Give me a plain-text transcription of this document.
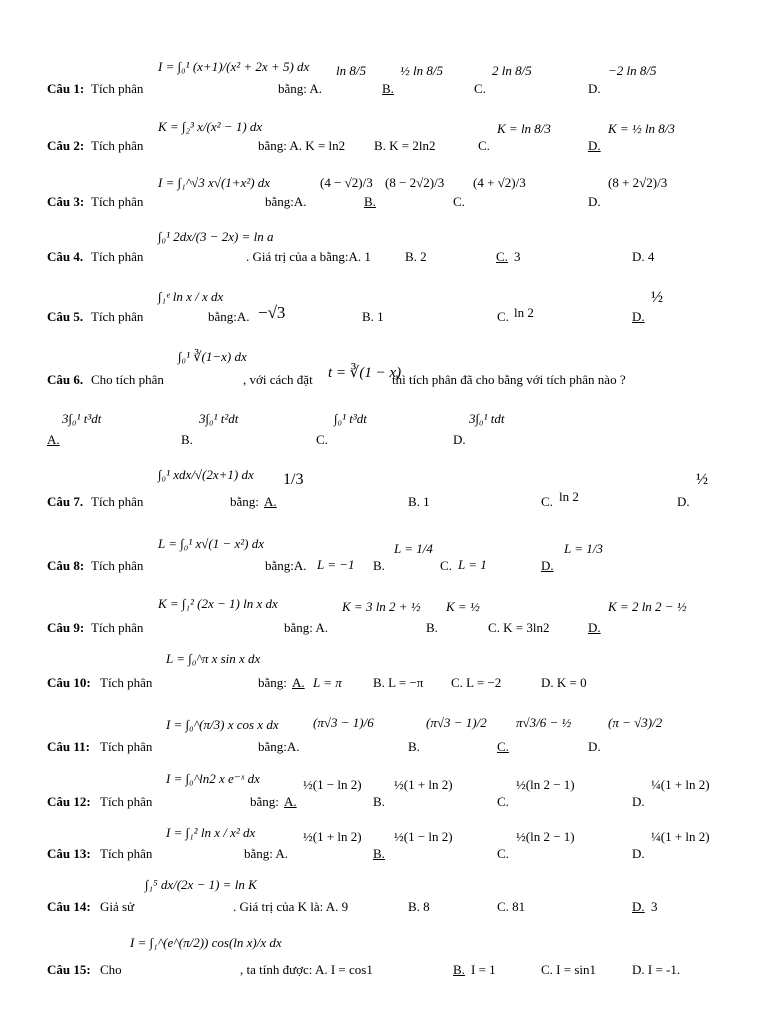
Câu 1: Tích phân
I = ∫₀¹ (x+1)/(x² + 2x + 5) dx
bằng: A.
ln 8/5
B.
½ ln 8/5
C.
2 ln 8/5
D.
−2 ln 8/5
Câu 2: Tích phân
K = ∫₂³ x/(x² − 1) dx
bằng: A. K = ln2 B. K = 2ln2	C.
K = ln 8/3
D.
K = ½ ln 8/3
Câu 3: Tích phân
I = ∫₁^√3 x√(1+x²) dx
bằng:A.
(4 − √2)/3
B.
(8 − 2√2)/3
C.
(4 + √2)/3
D.
(8 + 2√2)/3
Câu 4. Tích phân
∫₀¹ 2dx/(3 − 2x) = ln a
. Giá trị của a bằng:A. 1	B. 2	C. 3	D. 4
Câu 5. Tích phân
∫₁ᵉ ln x / x dx
bằng:A. −√3	B. 1	C. ln 2	D.
½
Câu 6. Cho tích phân
∫₀¹ ∛(1−x) dx
, với cách đặt t = ∛(1 − x)
thì tích phân đã cho bằng với tích phân nào ?
A.
3∫₀¹ t³dt
B.
3∫₀¹ t²dt
C.
∫₀¹ t³dt
D.
3∫₀¹ tdt
Câu 7. Tích phân
∫₀¹ xdx/√(2x+1) dx
bằng: A.
1/3
B. 1	C. ln 2	D.
½
Câu 8: Tích phân
L = ∫₀¹ x√(1 − x²) dx
bằng:A. L = −1 B.
L = 1/4
C. L = 1	D.
L = 1/3
Câu 9: Tích phân
K = ∫₁² (2x − 1) ln x dx
bằng: A.
K = 3 ln 2 + ½
B.
K = ½
C. K = 3ln2	D.
K = 2 ln 2 − ½
Câu 10: Tích phân
L = ∫₀^π x sin x dx
bằng: A. L = π B. L = −π C. L = −2	D. K = 0
Câu 11: Tích phân
I = ∫₀^(π/3) x cos x dx
bằng:A.
(π√3 − 1)/6
B.
(π√3 − 1)/2
C.
π√3/6 − ½
D.
(π − √3)/2
Câu 12: Tích phân
I = ∫₀^ln2 x e⁻ˣ dx
bằng: A.
½(1 − ln 2)
B.
½(1 + ln 2)
C.
½(ln 2 − 1)
D.
¼(1 + ln 2)
Câu 13: Tích phân
I = ∫₁² ln x / x² dx
bằng: A.
½(1 + ln 2)
B.
½(1 − ln 2)
C.
½(ln 2 − 1)
D.
¼(1 + ln 2)
Câu 14: Giả sử
∫₁⁵ dx/(2x − 1) = ln K
. Giá trị của K là: A. 9	B. 8	C. 81	D. 3
Câu 15: Cho
I = ∫₁^(e^(π/2)) cos(ln x)/x dx
, ta tính được: A. I = cos1	B. I = 1	C. I = sin1	D. I = -1.
